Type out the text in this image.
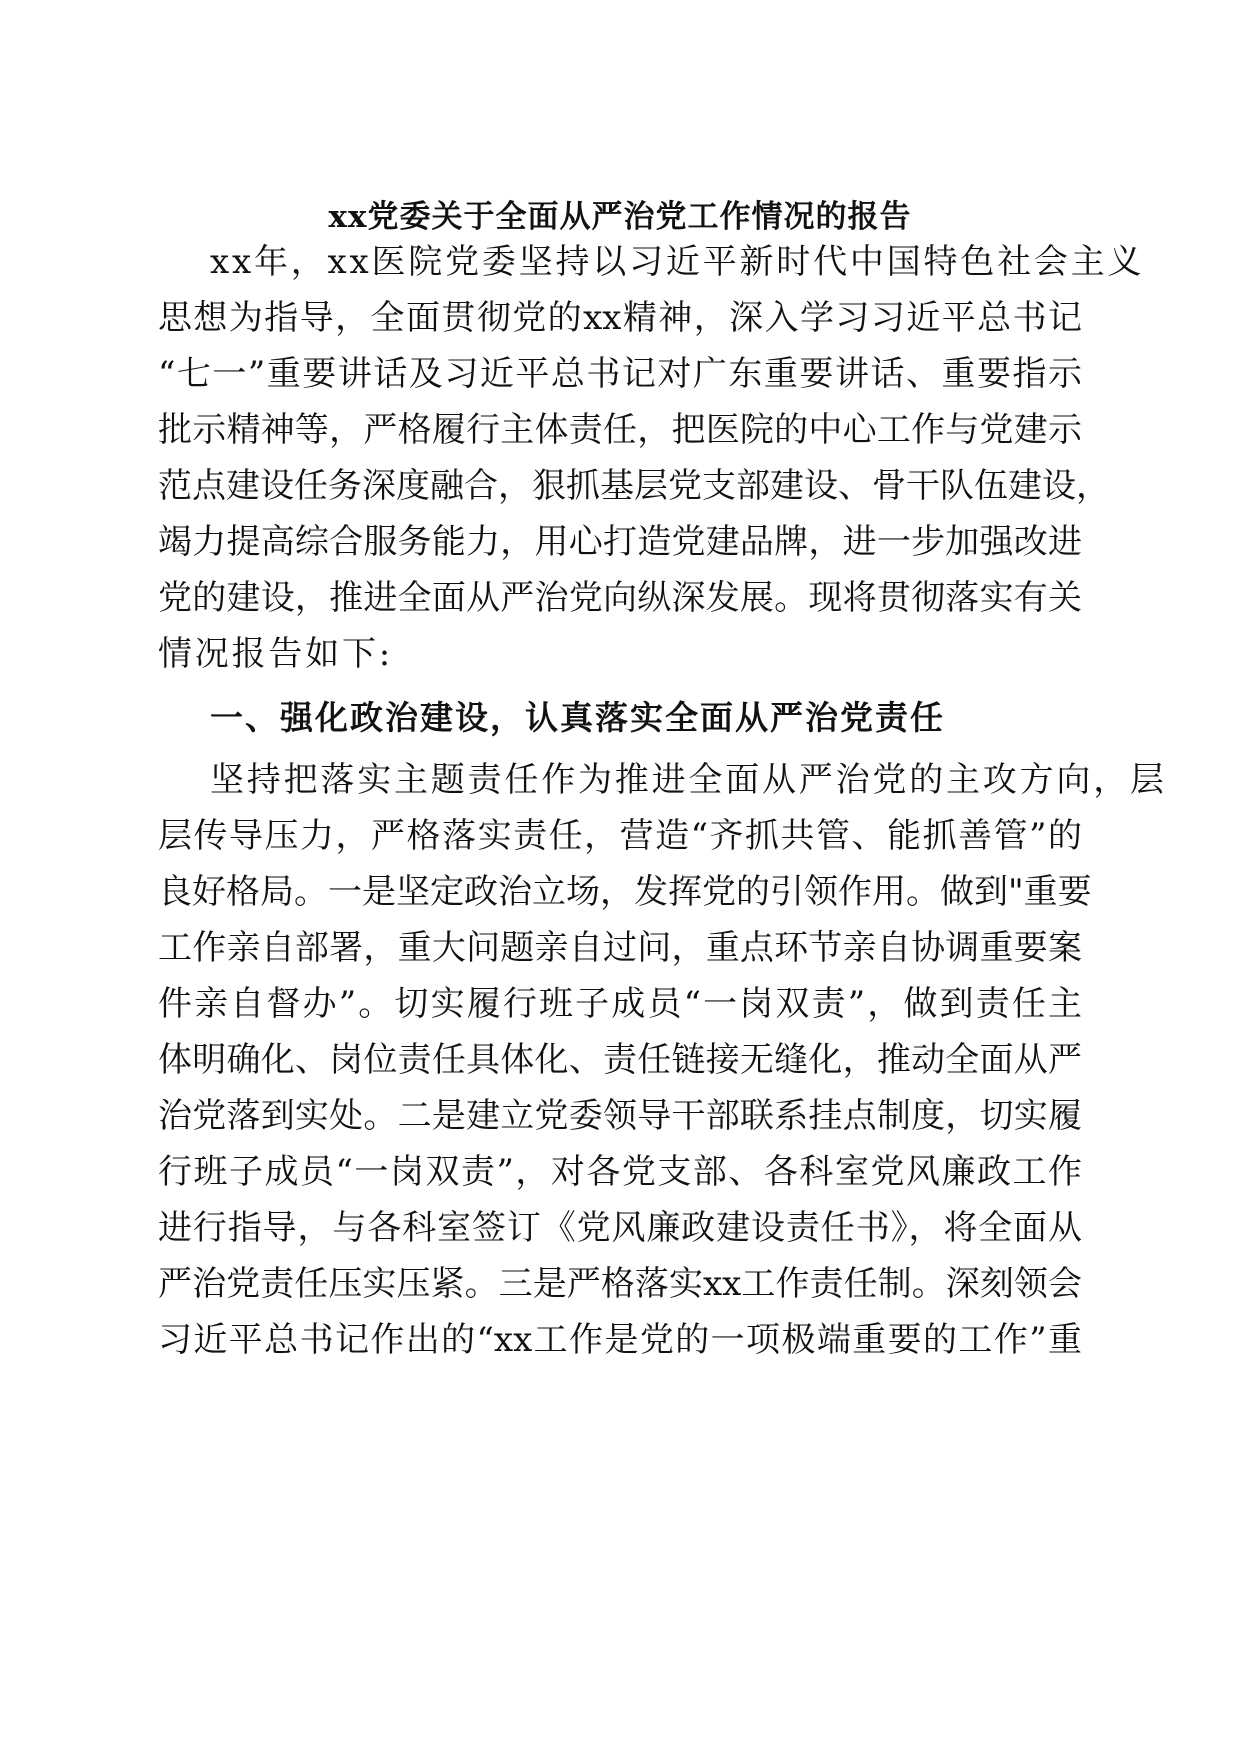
xx党委关于全面从严治党工作情况的报告

xx年，xx医院党委坚持以习近平新时代中国特色社会主义

思想为指导，全面贯彻党的xx精神，深入学习习近平总书记

“七一”重要讲话及习近平总书记对广东重要讲话、重要指示

批示精神等，严格履行主体责任，把医院的中心工作与党建示

范点建设任务深度融合，狠抓基层党支部建设、骨干队伍建设，

竭力提高综合服务能力，用心打造党建品牌，进一步加强改进

党的建设，推进全面从严治党向纵深发展。现将贯彻落实有关

情况报告如下:

一、强化政治建设，认真落实全面从严治党责任

坚持把落实主题责任作为推进全面从严治党的主攻方向，层

层传导压力，严格落实责任，营造“齐抓共管、能抓善管”的

良好格局。一是坚定政治立场，发挥党的引领作用。做到"重要

工作亲自部署，重大问题亲自过问，重点环节亲自协调重要案

件亲自督办”。切实履行班子成员“一岗双责”，做到责任主

体明确化、岗位责任具体化、责任链接无缝化，推动全面从严

治党落到实处。二是建立党委领导干部联系挂点制度，切实履

行班子成员“一岗双责”，对各党支部、各科室党风廉政工作

进行指导，与各科室签订《党风廉政建设责任书》，将全面从

严治党责任压实压紧。三是严格落实xx工作责任制。深刻领会

习近平总书记作出的“xx工作是党的一项极端重要的工作”重
